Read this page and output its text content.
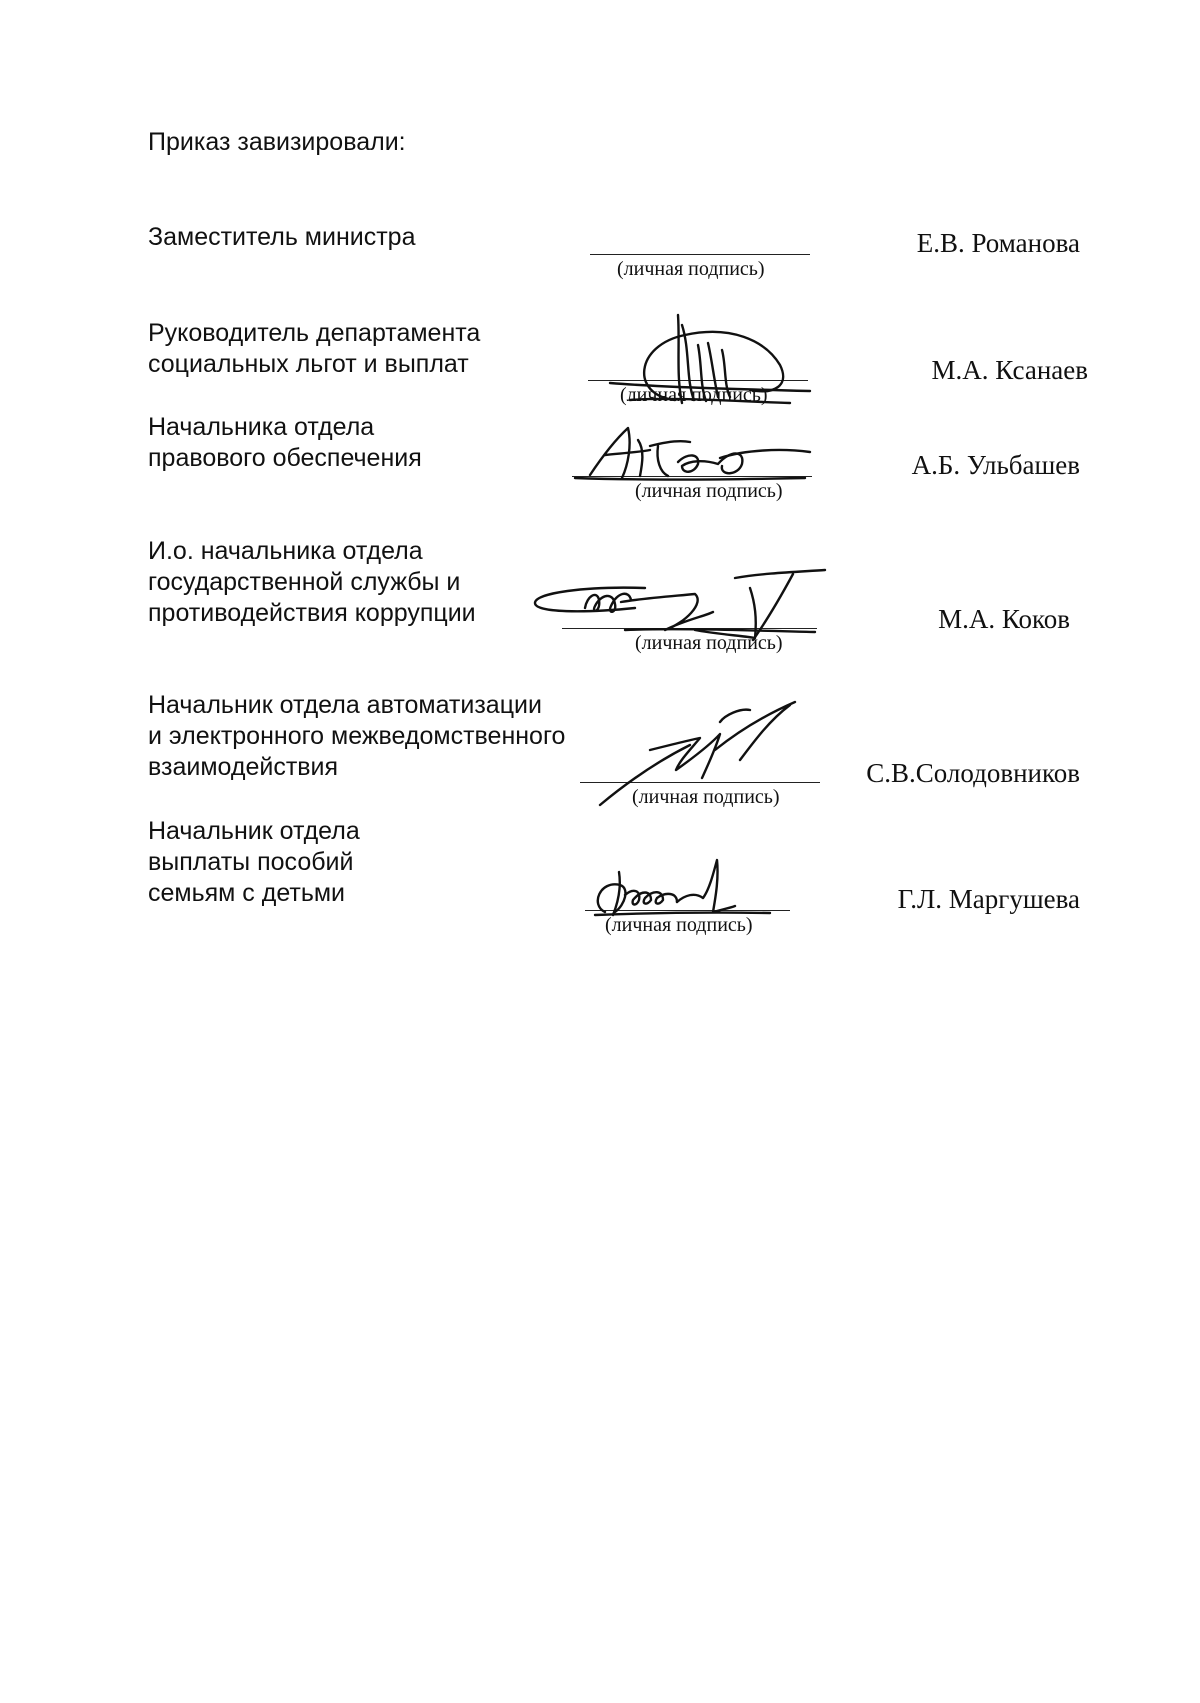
Приказ завизировали:
Заместитель министра
(личная подпись)
Е.В. Романова
Руководитель департамента
социальных льгот и выплат
(личная подпись)
М.А. Ксанаев
Начальника отдела
правового обеспечения
(личная подпись)
А.Б. Ульбашев
И.о. начальника отдела
государственной службы и
противодействия коррупции
(личная подпись)
М.А. Коков
Начальник отдела автоматизации
и электронного межведомственного
взаимодействия
(личная подпись)
С.В.Солодовников
Начальник отдела
выплаты пособий
семьям с детьми
(личная подпись)
Г.Л. Маргушева
